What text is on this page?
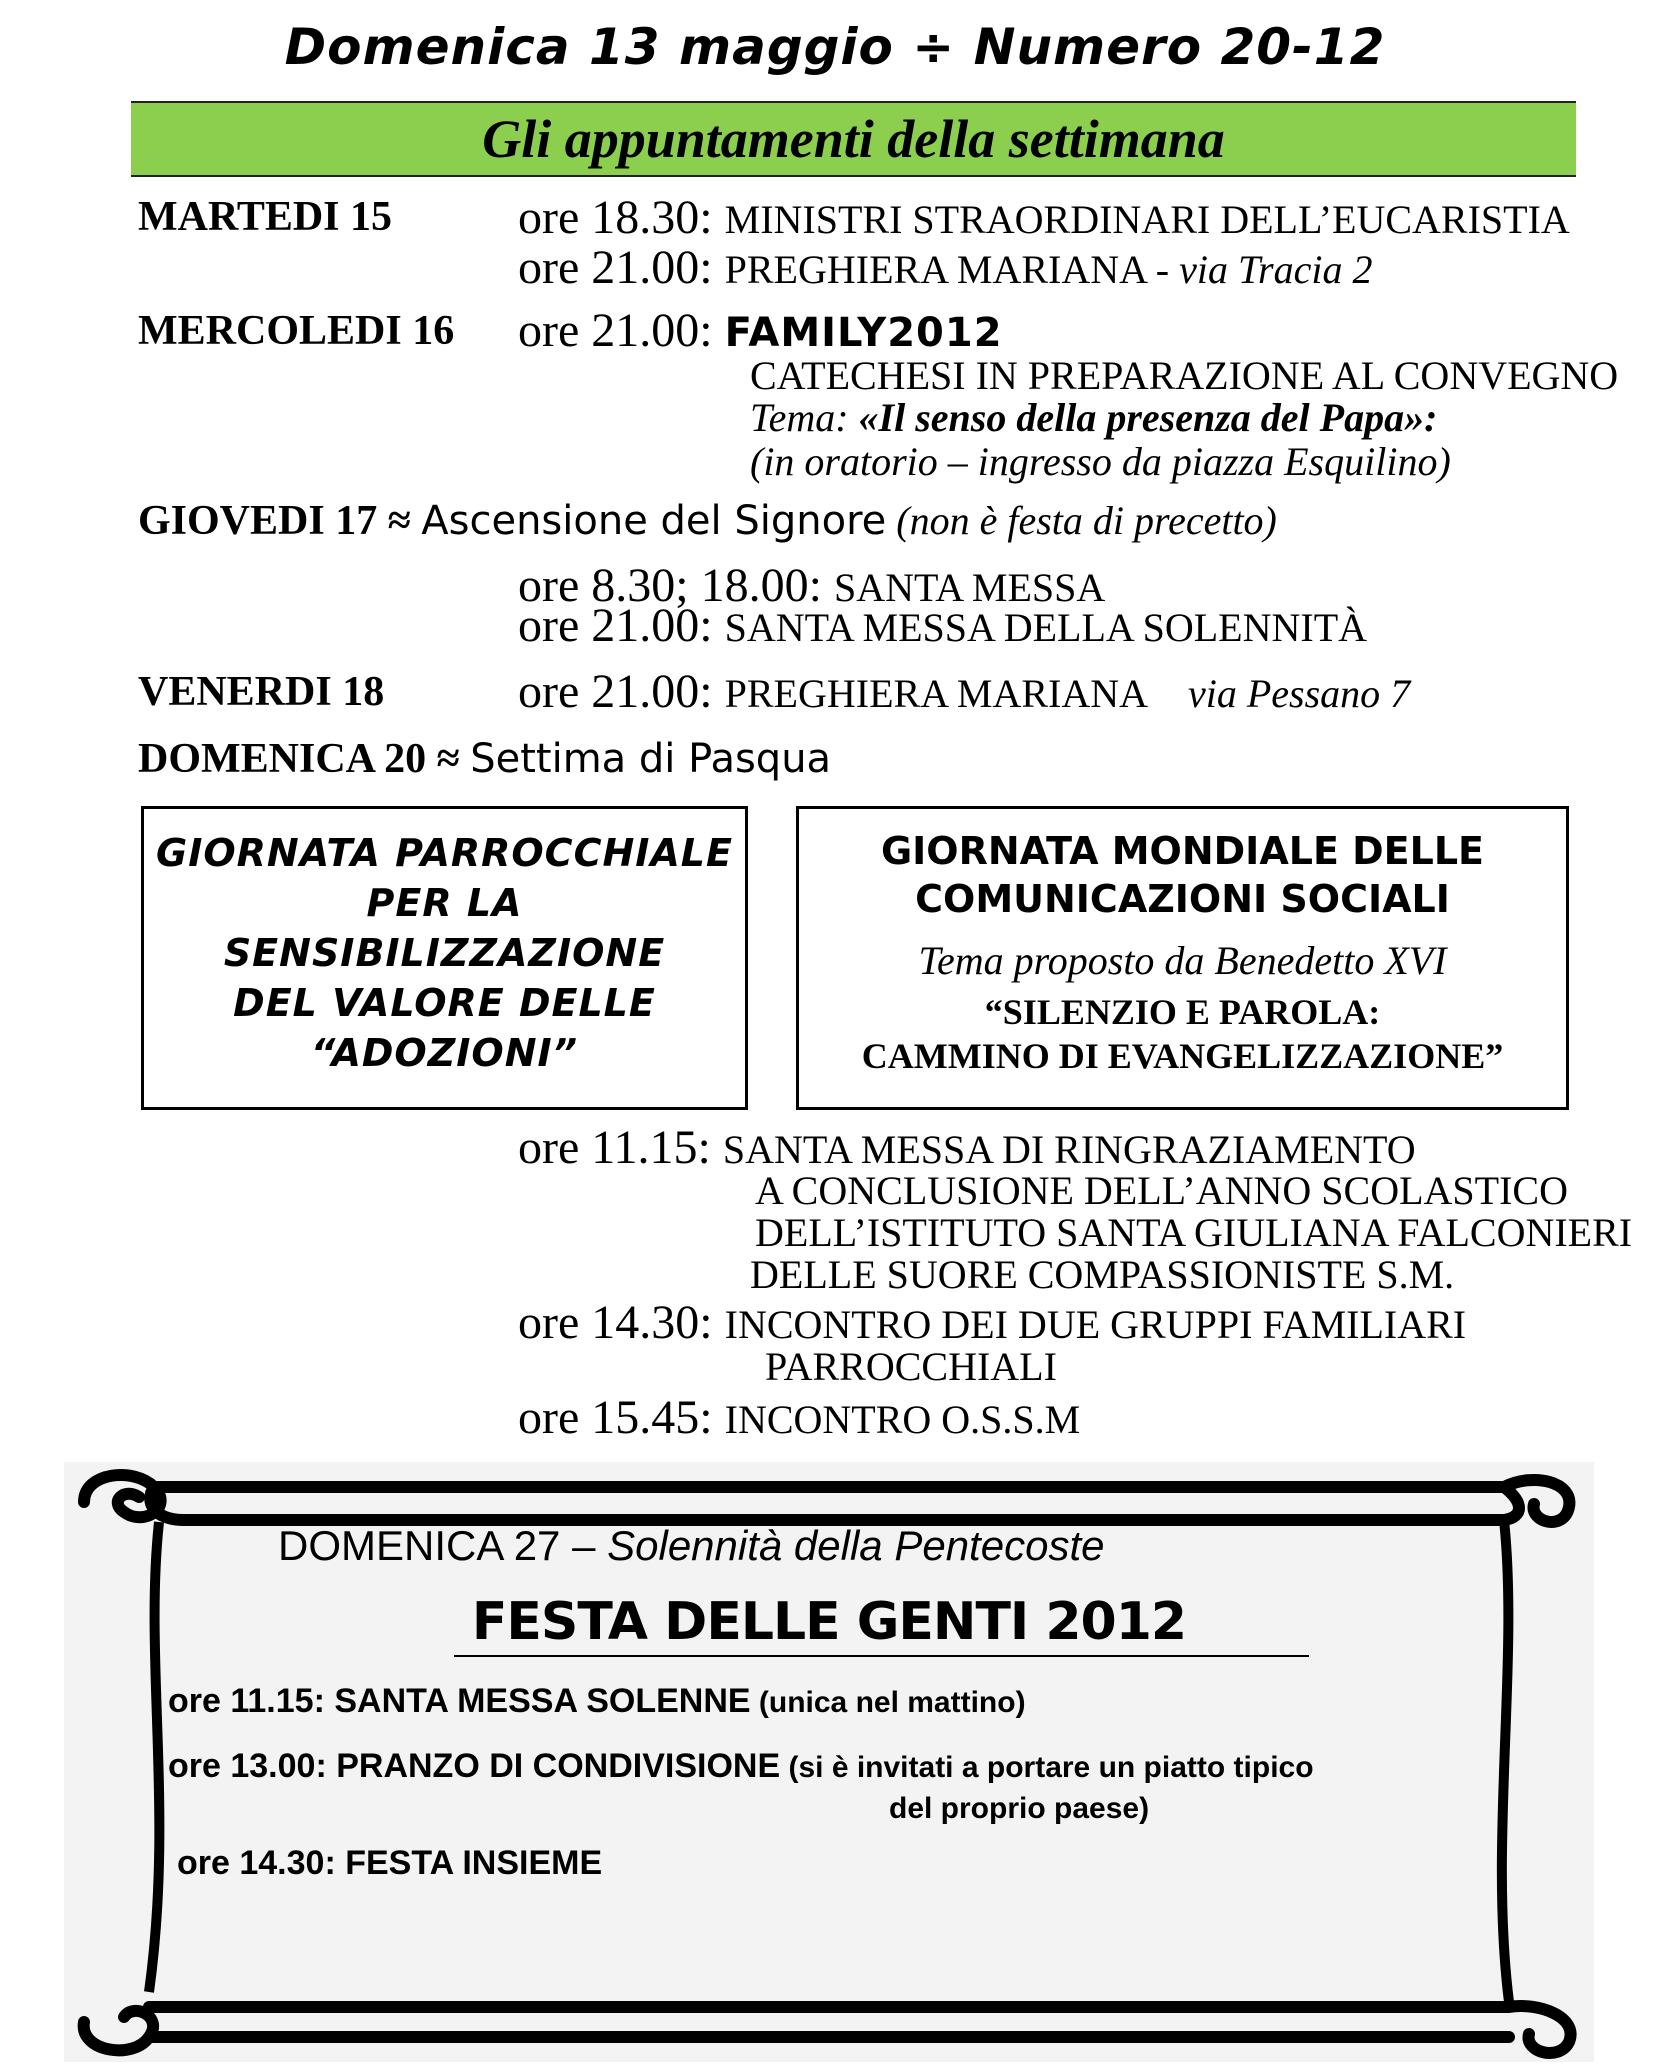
Domenica 13 maggio ÷ Numero 20-12
Gli appuntamenti della settimana
MARTEDI 15	ore 18.30: MINISTRI STRAORDINARI DELL’EUCARISTIA
ore 21.00: PREGHIERA MARIANA - via Tracia 2
MERCOLEDI 16 ore 21.00: FAMILY2012
CATECHESI IN PREPARAZIONE AL CONVEGNO
Tema: «Il senso della presenza del Papa»:
(in oratorio – ingresso da piazza Esquilino)
GIOVEDI 17 ≈ Ascensione del Signore (non è festa di precetto)
ore 8.30; 18.00: SANTA MESSA
ore 21.00: SANTA MESSA DELLA SOLENNITÀ
VENERDI 18	ore 21.00: PREGHIERA MARIANA via Pessano 7
DOMENICA 20 ≈ Settima di Pasqua
GIORNATA PARROCCHIALE
PER LA
SENSIBILIZZAZIONE
DEL VALORE DELLE
“ADOZIONI”
GIORNATA MONDIALE DELLE
COMUNICAZIONI SOCIALI
Tema proposto da Benedetto XVI
“SILENZIO E PAROLA:
CAMMINO DI EVANGELIZZAZIONE”
ore 11.15: SANTA MESSA DI RINGRAZIAMENTO
A CONCLUSIONE DELL’ANNO SCOLASTICO
DELL’ISTITUTO SANTA GIULIANA FALCONIERI
DELLE SUORE COMPASSIONISTE S.M.
ore 14.30: INCONTRO DEI DUE GRUPPI FAMILIARI
PARROCCHIALI
ore 15.45: INCONTRO O.S.S.M
DOMENICA 27 – Solennità della Pentecoste
FESTA DELLE GENTI 2012
ore 11.15: SANTA MESSA SOLENNE (unica nel mattino)
ore 13.00: PRANZO DI CONDIVISIONE (si è invitati a portare un piatto tipico
del proprio paese)
ore 14.30: FESTA INSIEME
